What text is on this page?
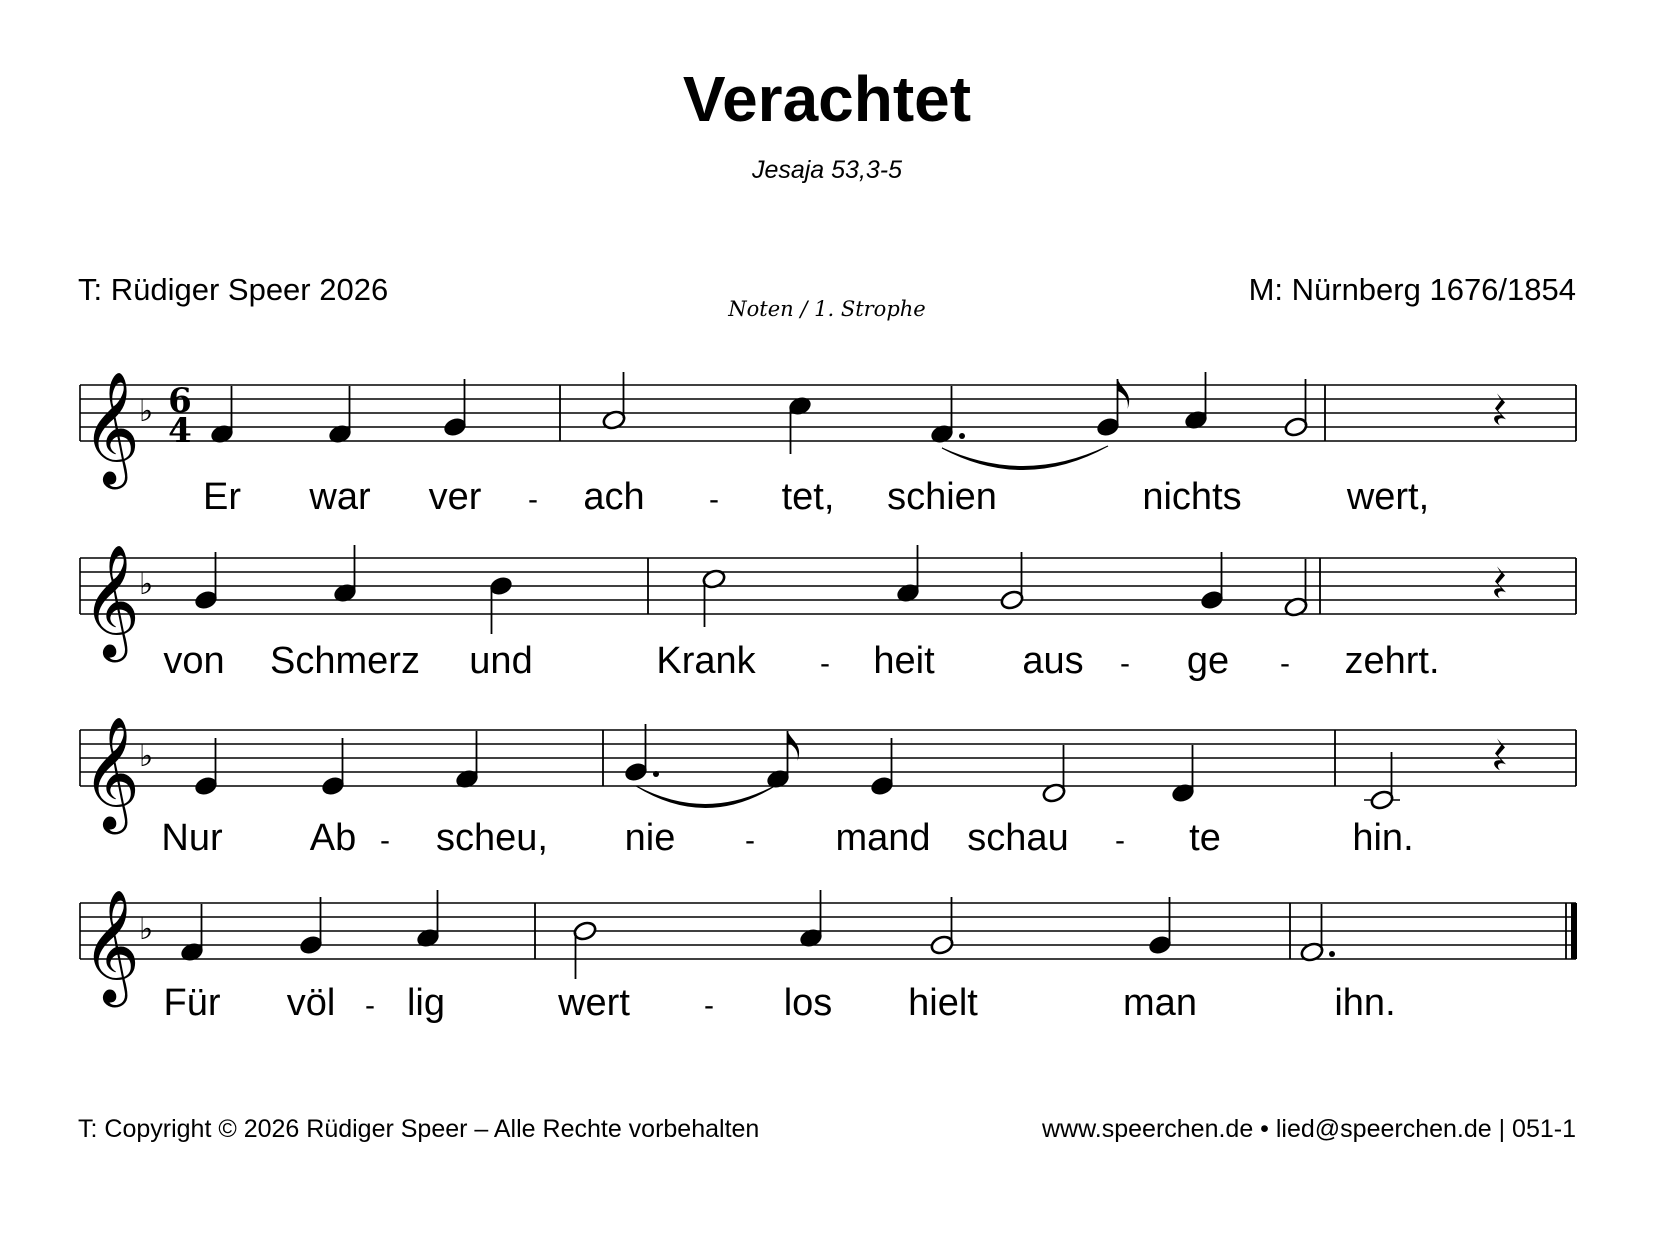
Verachtet
Jesaja 53,3-5
T: Rüdiger Speer 2026	M: Nürnberg 1676/1854
Noten / 1. Strophe
𝄞 ♭ 6
4
Er war ver - ach - tet, schien	nichts	wert,
𝄞 ♭
von Schmerz und	Krank - heit aus - ge - zehrt.
𝄞 ♭
Nur Ab - scheu, nie - mand schau - te	hin.
𝄞 ♭
Für völ - lig	wert - los hielt	man	ihn.
T: Copyright © 2026 Rüdiger Speer – Alle Rechte vorbehalten	www.speerchen.de • lied@speerchen.de | 051-1
